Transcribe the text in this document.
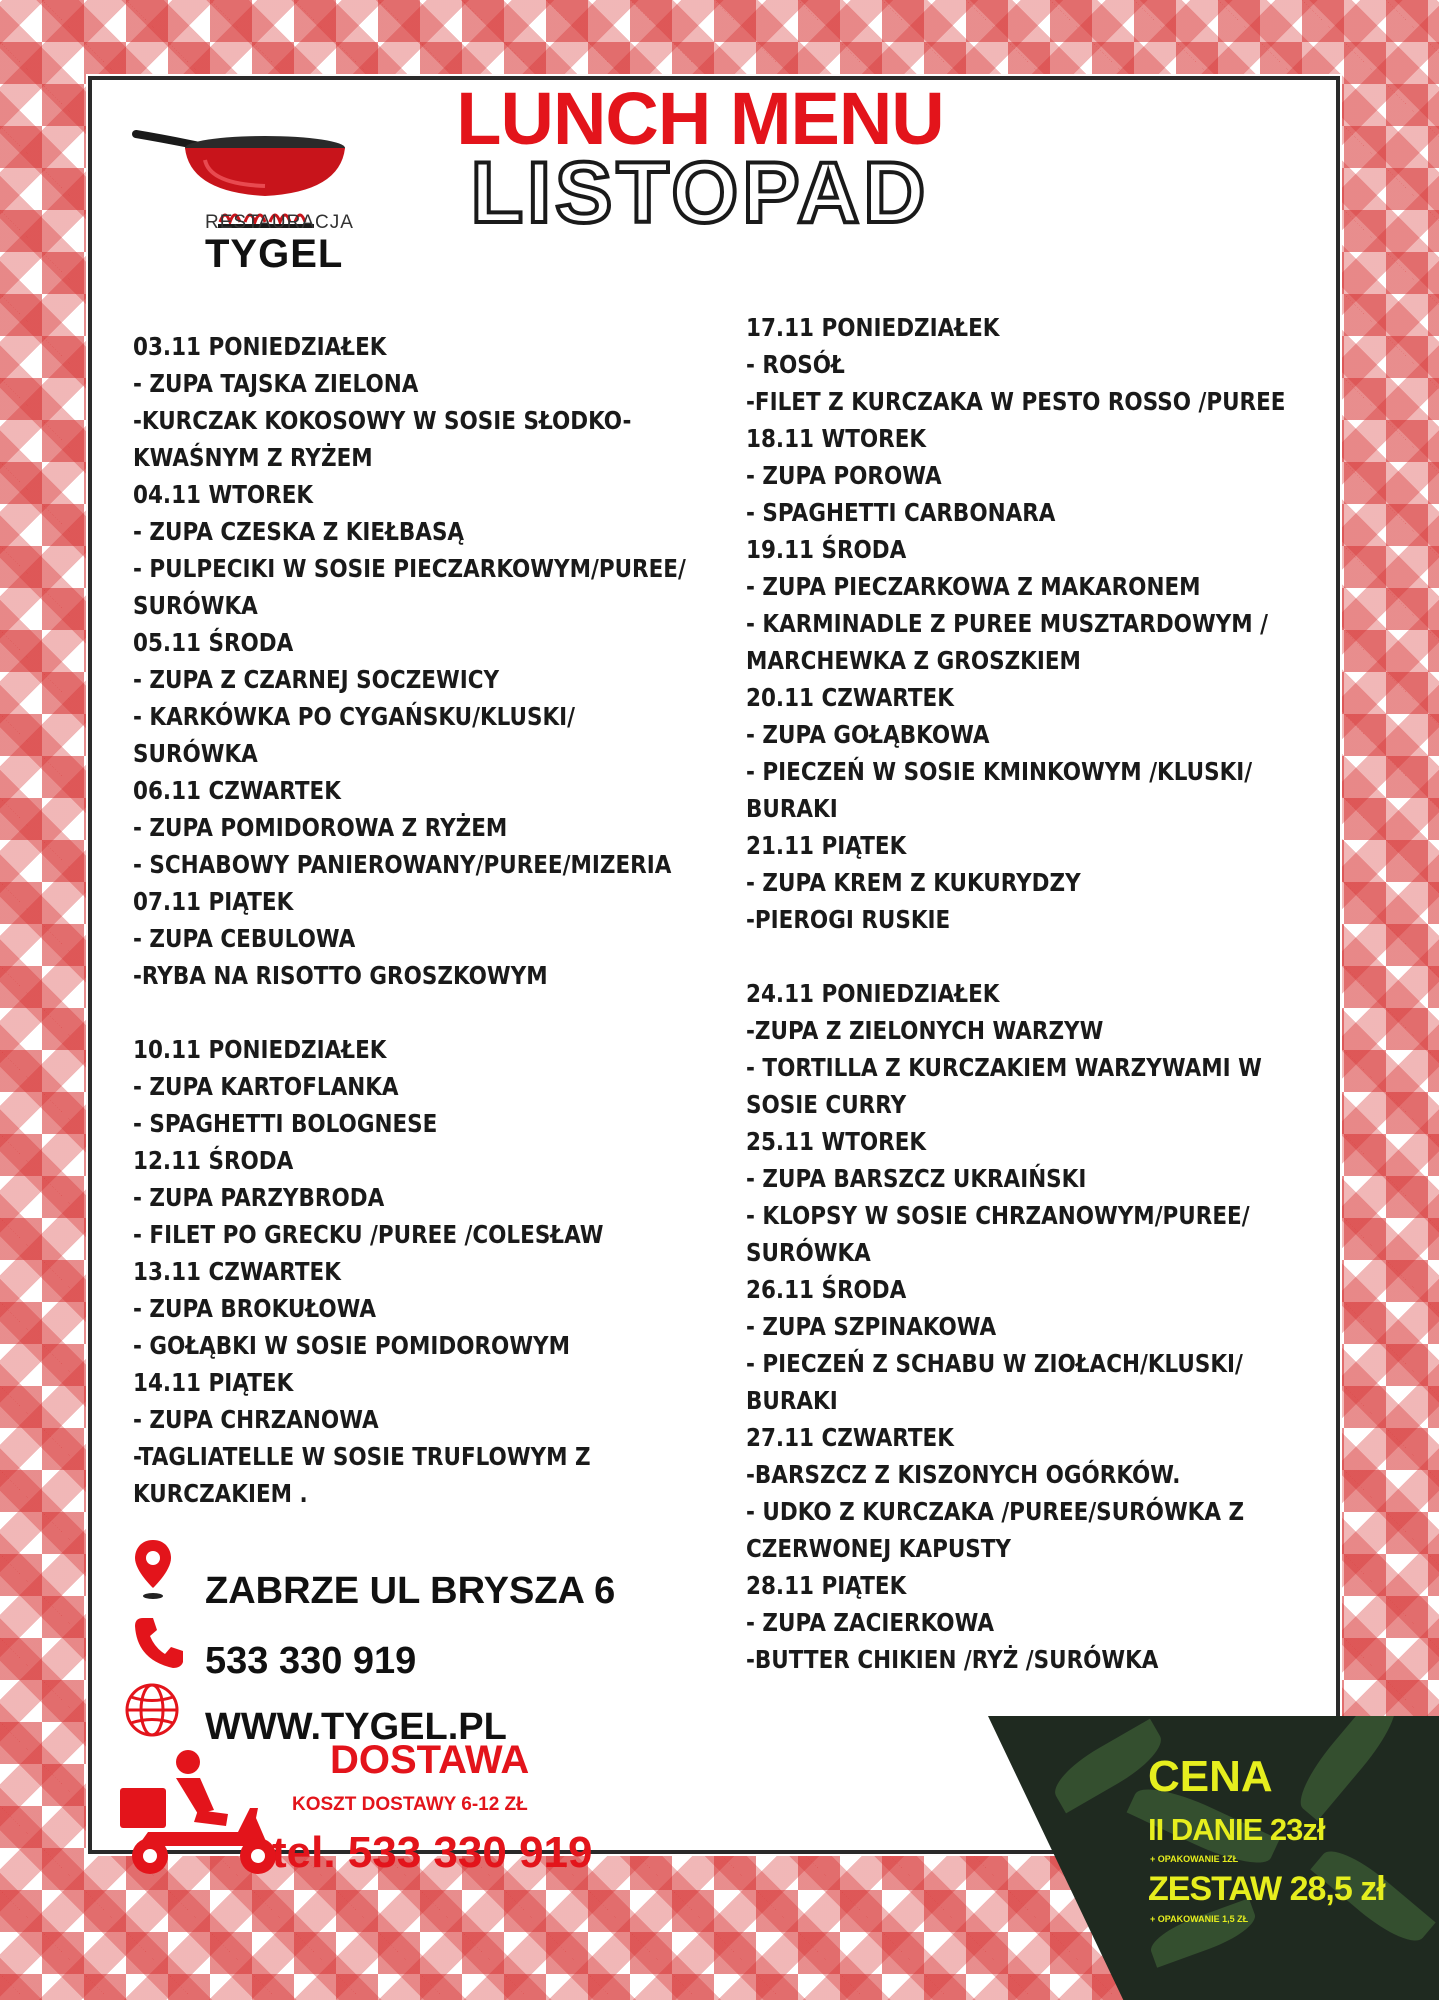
RESTAURACJA
TYGEL
LUNCH MENU
LISTOPAD
03.11 PONIEDZIAŁEK
- ZUPA TAJSKA ZIELONA
-KURCZAK KOKOSOWY W SOSIE SŁODKO-
KWAŚNYM Z RYŻEM
04.11 WTOREK
- ZUPA CZESKA Z KIEŁBASĄ
- PULPECIKI W SOSIE PIECZARKOWYM/PUREE/
SURÓWKA
05.11 ŚRODA
- ZUPA Z CZARNEJ SOCZEWICY
- KARKÓWKA PO CYGAŃSKU/KLUSKI/
SURÓWKA
06.11 CZWARTEK
- ZUPA POMIDOROWA Z RYŻEM
- SCHABOWY PANIEROWANY/PUREE/MIZERIA
07.11 PIĄTEK
- ZUPA CEBULOWA
-RYBA NA RISOTTO GROSZKOWYM
10.11 PONIEDZIAŁEK
- ZUPA KARTOFLANKA
- SPAGHETTI BOLOGNESE
12.11 ŚRODA
- ZUPA PARZYBRODA
- FILET PO GRECKU /PUREE /COLESŁAW
13.11 CZWARTEK
- ZUPA BROKUŁOWA
- GOŁĄBKI W SOSIE POMIDOROWYM
14.11 PIĄTEK
- ZUPA CHRZANOWA
-TAGLIATELLE W SOSIE TRUFLOWYM Z
KURCZAKIEM .
17.11 PONIEDZIAŁEK
- ROSÓŁ
-FILET Z KURCZAKA W PESTO ROSSO /PUREE
18.11 WTOREK
- ZUPA POROWA
- SPAGHETTI CARBONARA
19.11 ŚRODA
- ZUPA PIECZARKOWA Z MAKARONEM
- KARMINADLE Z PUREE MUSZTARDOWYM /
MARCHEWKA Z GROSZKIEM
20.11 CZWARTEK
- ZUPA GOŁĄBKOWA
- PIECZEŃ W SOSIE KMINKOWYM /KLUSKI/
BURAKI
21.11 PIĄTEK
- ZUPA KREM Z KUKURYDZY
-PIEROGI RUSKIE
24.11 PONIEDZIAŁEK
-ZUPA Z ZIELONYCH WARZYW
- TORTILLA Z KURCZAKIEM WARZYWAMI W
SOSIE CURRY
25.11 WTOREK
- ZUPA BARSZCZ UKRAIŃSKI
- KLOPSY W SOSIE CHRZANOWYM/PUREE/
SURÓWKA
26.11 ŚRODA
- ZUPA SZPINAKOWA
- PIECZEŃ Z SCHABU W ZIOŁACH/KLUSKI/
BURAKI
27.11 CZWARTEK
-BARSZCZ Z KISZONYCH OGÓRKÓW.
- UDKO Z KURCZAKA /PUREE/SURÓWKA Z
CZERWONEJ KAPUSTY
28.11 PIĄTEK
- ZUPA ZACIERKOWA
-BUTTER CHIKIEN /RYŻ /SURÓWKA
ZABRZE UL BRYSZA 6
533 330 919
WWW.TYGEL.PL
DOSTAWA
KOSZT DOSTAWY 6-12 ZŁ
tel. 533 330 919
CENA
II DANIE 23zł
+ OPAKOWANIE 1ZŁ
ZESTAW 28,5 zł
+ OPAKOWANIE 1,5 ZŁ
